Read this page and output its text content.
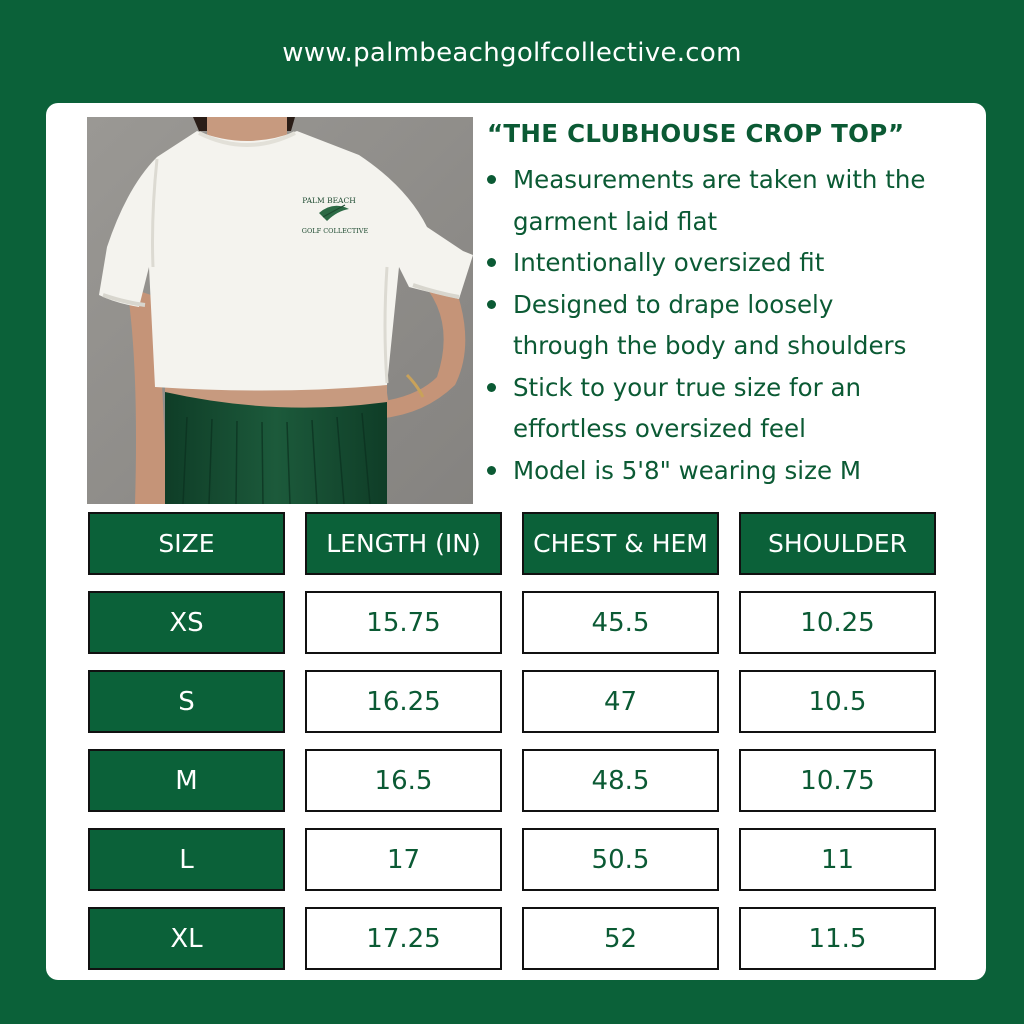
www.palmbeachgolfcollective.com
PALM BEACH
GOLF COLLECTIVE
“THE CLUBHOUSE CROP TOP”
Measurements are taken with the
garment laid flat
Intentionally oversized fit
Designed to drape loosely
through the body and shoulders
Stick to your true size for an
effortless oversized feel
Model is 5'8" wearing size M
SIZE	LENGTH (IN)	CHEST & HEM	SHOULDER
XS	15.75	45.5	10.25
S	16.25	47	10.5
M	16.5	48.5	10.75
L	17	50.5	11
XL	17.25	52	11.5
